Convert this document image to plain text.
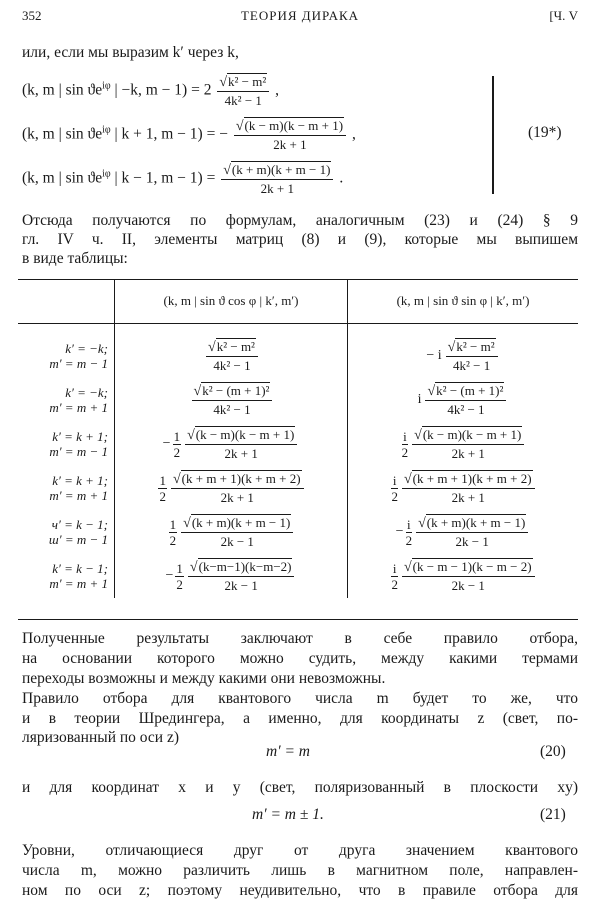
352	ТЕОРИЯ ДИРАКА	[Ч. V
или, если мы выразим k′ через k,
(k, m | $\sin ϑe^{i\varphi}$ | −k, $m - 1) = 2 \frac{\text{√k² − m²}}{\text{4k² − 1}}$ ,
(k, m | $\sin ϑe^{i\varphi}$ | k + 1, m − 1) = − $\frac{√(k - m)(k - m + 1)}{2k + 1}$ ,
(k, m | $\sin ϑe^{i\varphi}$ | k − 1, $m - 1) = \frac{√(k + m)(k + m - 1)}{2k + 1}$ .
(19*)
Отсюда получаются по формулам, аналогичным (23) и (24) § 9
гл. IV ч. II, элементы матриц (8) и (9), которые мы выпишем
в виде таблицы:
	(k, m | sin ϑ cos φ | k′, m′)	(k, m | sin ϑ sin φ | k′, m′)
k′ = −k;
m′ = m − 1	$\frac{\text{√k² − m²}}{\text{4k² − 1}}$	− i $\frac{\text{√k² − m²}}{\text{4k² − 1}}$

k′ = −k;
m′ = m + 1	$\frac{\text{√k² − (m + 1)²}}{\text{4k² − 1}}$	i $\frac{\text{√k² − (m + 1)²}}{\text{4k² − 1}}$

k′ = k + 1;
m′ = m − 1	− $\frac{1}{2} \frac{√(k - m)(k - m + 1)}{2k + 1}$	$\frac{i}{2} \frac{√(k - m)(k - m + 1)}{2k + 1}$

k′ = k + 1;
m′ = m + 1	$\frac{1}{2} \frac{√(k + m + 1)(k + m + 2)}{2k + 1}$	$\frac{i}{2} \frac{√(k + m + 1)(k + m + 2)}{2k + 1}$

ч′ = k − 1;
ш′ = m − 1	$\frac{1}{2} \frac{√(k + m)(k + m - 1)}{2k - 1}$	− $\frac{i}{2} \frac{√(k + m)(k + m - 1)}{2k - 1}$

k′ = k − 1;
m′ = m + 1	− $\frac{1}{2} \frac{√(k-m-1)(k-m-2)}{2k - 1}$	$\frac{i}{2} \frac{√(k - m - 1)(k - m - 2)}{2k - 1}$
Полученные результаты заключают в себе правило отбора,
на основании которого можно судить, между какими термами
переходы возможны и между какими они невозможны.
Правило отбора для квантового числа m будет то же, что
и в теории Шредингера, а именно, для координаты z (свет, по-
ляризованный по оси z)
m′ = m	(20)
и для координат x и y (свет, поляризованный в плоскости xy)
m′ = m ± 1.	(21)
Уровни, отличающиеся друг от друга значением квантового
числа m, можно различить лишь в магнитном поле, направлен-
ном по оси z; поэтому неудивительно, что в правиле отбора для
